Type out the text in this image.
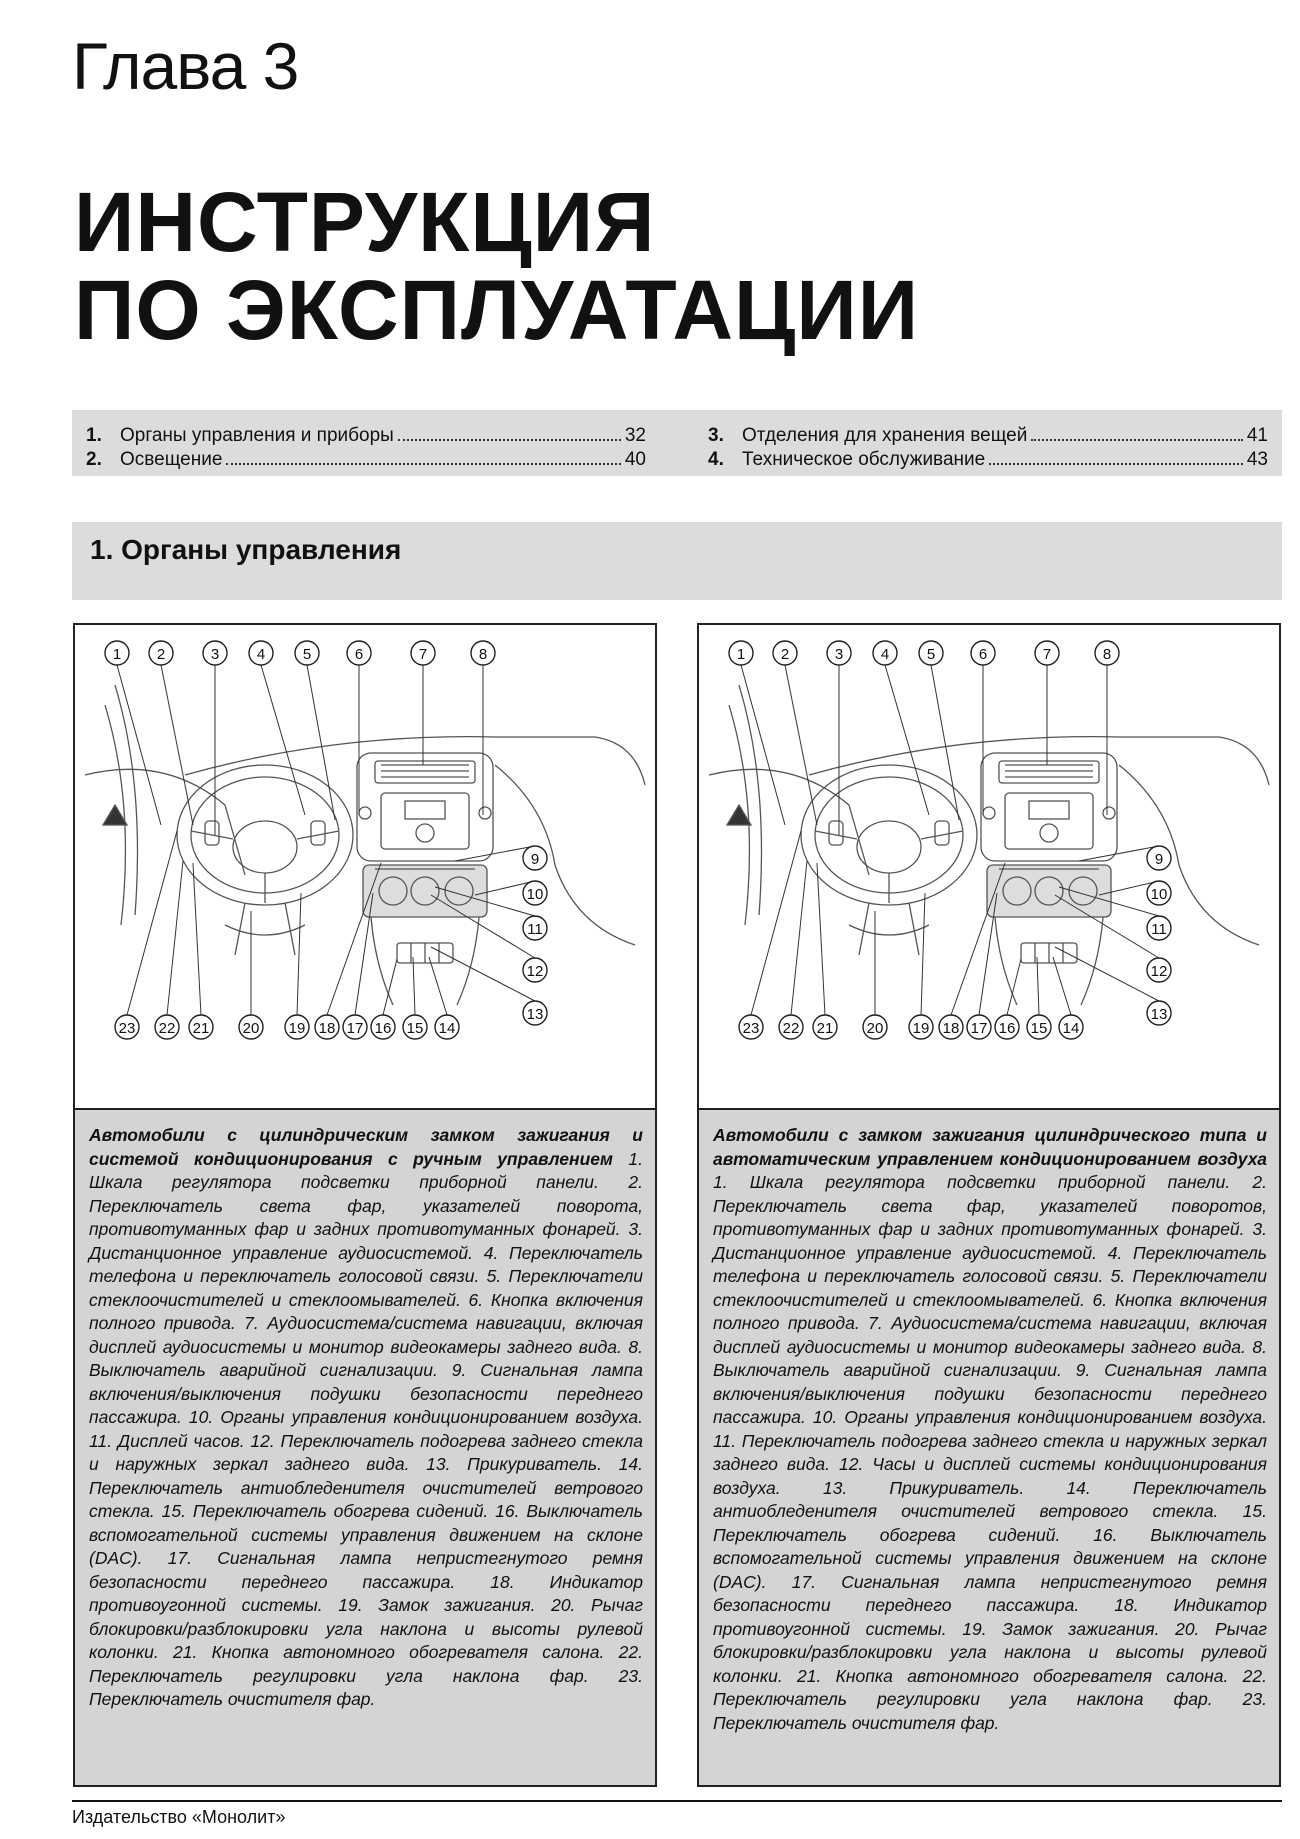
Глава 3
ИНСТРУКЦИЯ
ПО ЭКСПЛУАТАЦИИ
1. Органы управления и приборы	32
2. Освещение	40
3. Отделения для хранения вещей	41
4. Техническое обслуживание	43
1. Органы управления
1 2	3	4	5	6	7	8
9
10
11
12
13
14
15
16
17
18
19
20
21
22
23
Автомобили с цилиндрическим замком зажигания и системой кондиционирования с ручным управлением 1. Шкала регулятора подсветки приборной панели. 2. Переключатель света фар, указателей поворота, противотуманных фар и задних противотуманных фонарей. 3. Дистанционное управление аудиосистемой. 4. Переключатель телефона и переключатель голосовой связи. 5. Переключатели стеклоочистителей и стеклоомывателей. 6. Кнопка включения полного привода. 7. Аудиосистема/система навигации, включая дисплей аудиосистемы и монитор видеокамеры заднего вида. 8. Выключатель аварийной сигнализации. 9. Сигнальная лампа включения/выключения подушки безопасности переднего пассажира. 10. Органы управления кондиционированием воздуха. 11. Дисплей часов. 12. Переключатель подогрева заднего стекла и наружных зеркал заднего вида. 13. Прикуриватель. 14. Переключатель антиобледенителя очистителей ветрового стекла. 15. Переключатель обогрева сидений. 16. Выключатель вспомогательной системы управления движением на склоне (DAC). 17. Сигнальная лампа непристегнутого ремня безопасности переднего пассажира. 18. Индикатор противоугонной системы. 19. Замок зажигания. 20. Рычаг блокировки/разблокировки угла наклона и высоты рулевой колонки. 21. Кнопка автономного обогревателя салона. 22. Переключатель регулировки угла наклона фар. 23. Переключатель очистителя фар.
1 2	3	4	5	6	7	8
9
10
11
12
13
14
15
16
17
18
19
20
21
22
23
Автомобили с замком зажигания цилиндрического типа и автоматическим управлением кондиционированием воздуха 1. Шкала регулятора подсветки приборной панели. 2. Переключатель света фар, указателей поворотов, противотуманных фар и задних противотуманных фонарей. 3. Дистанционное управление аудиосистемой. 4. Переключатель телефона и переключатель голосовой связи. 5. Переключатели стеклоочистителей и стеклоомывателей. 6. Кнопка включения полного привода. 7. Аудиосистема/система навигации, включая дисплей аудиосистемы и монитор видеокамеры заднего вида. 8. Выключатель аварийной сигнализации. 9. Сигнальная лампа включения/выключения подушки безопасности переднего пассажира. 10. Органы управления кондиционированием воздуха. 11. Переключатель подогрева заднего стекла и наружных зеркал заднего вида. 12. Часы и дисплей системы кондиционирования воздуха. 13. Прикуриватель. 14. Переключатель антиобледенителя очистителей ветрового стекла. 15. Переключатель обогрева сидений. 16. Выключатель вспомогательной системы управления движением на склоне (DAC). 17. Сигнальная лампа непристегнутого ремня безопасности переднего пассажира. 18. Индикатор противоугонной системы. 19. Замок зажигания. 20. Рычаг блокировки/разблокировки угла наклона и высоты рулевой колонки. 21. Кнопка автономного обогревателя салона. 22. Переключатель регулировки угла наклона фар. 23. Переключатель очистителя фар.
Издательство «Монолит»
